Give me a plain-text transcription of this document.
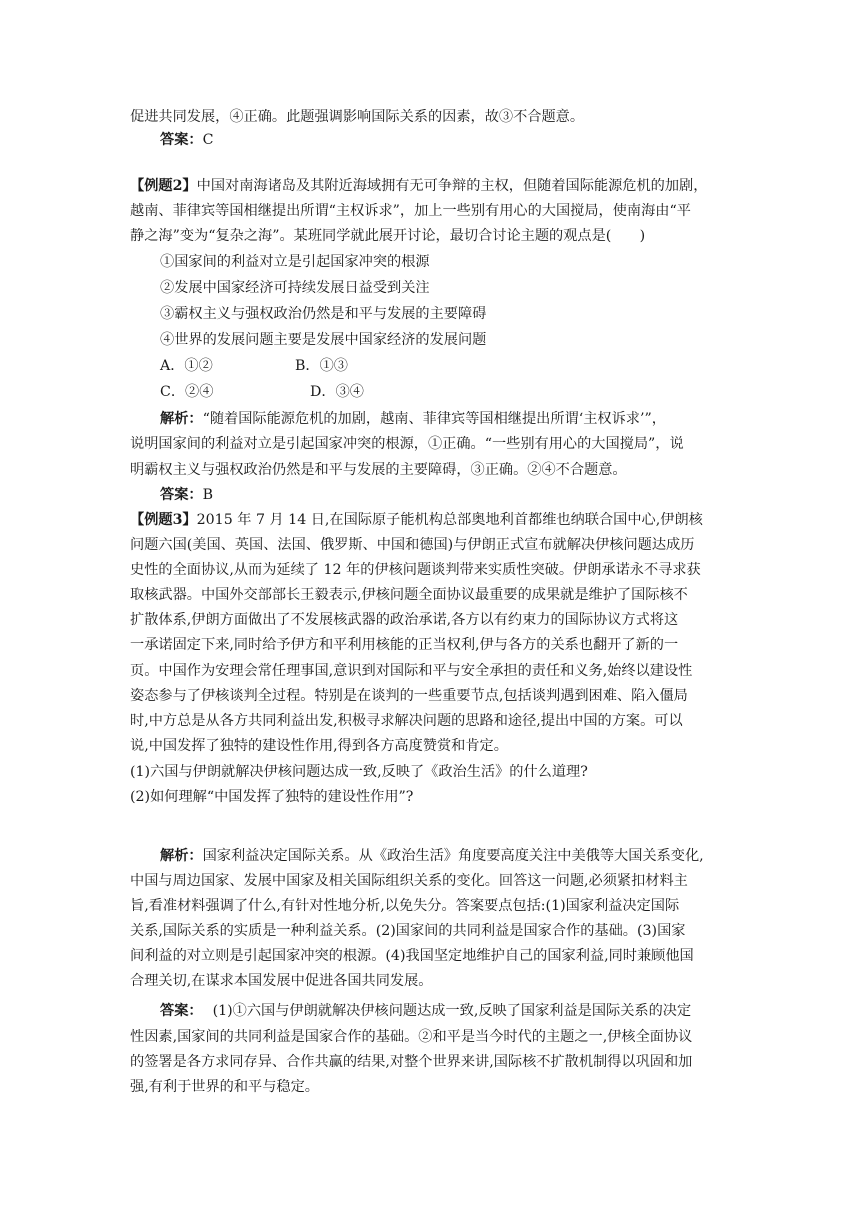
促进共同发展，④正确。此题强调影响国际关系的因素，故③不合题意。

答案：C

【例题2】中国对南海诸岛及其附近海域拥有无可争辩的主权，但随着国际能源危机的加剧，

越南、菲律宾等国相继提出所谓“主权诉求”，加上一些别有用心的大国搅局，使南海由“平

静之海”变为“复杂之海”。某班同学就此展开讨论，最切合讨论主题的观点是(　　)

①国家间的利益对立是引起国家冲突的根源

②发展中国家经济可持续发展日益受到关注

③霸权主义与强权政治仍然是和平与发展的主要障碍

④世界的发展问题主要是发展中国家经济的发展问题

A．①②	B．①③

C．②④	D．③④

解析：“随着国际能源危机的加剧，越南、菲律宾等国相继提出所谓‘主权诉求’”，

说明国家间的利益对立是引起国家冲突的根源，①正确。“一些别有用心的大国搅局”，说

明霸权主义与强权政治仍然是和平与发展的主要障碍，③正确。②④不合题意。

答案：B

【例题3】2015 年 7 月 14 日,在国际原子能机构总部奥地利首都维也纳联合国中心,伊朗核

问题六国(美国、英国、法国、俄罗斯、中国和德国)与伊朗正式宣布就解决伊核问题达成历

史性的全面协议,从而为延续了 12 年的伊核问题谈判带来实质性突破。伊朗承诺永不寻求获

取核武器。中国外交部部长王毅表示,伊核问题全面协议最重要的成果就是维护了国际核不

扩散体系,伊朗方面做出了不发展核武器的政治承诺,各方以有约束力的国际协议方式将这

一承诺固定下来,同时给予伊方和平利用核能的正当权利,伊与各方的关系也翻开了新的一

页。中国作为安理会常任理事国,意识到对国际和平与安全承担的责任和义务,始终以建设性

姿态参与了伊核谈判全过程。特别是在谈判的一些重要节点,包括谈判遇到困难、陷入僵局

时,中方总是从各方共同利益出发,积极寻求解决问题的思路和途径,提出中国的方案。可以

说,中国发挥了独特的建设性作用,得到各方高度赞赏和肯定。

(1)六国与伊朗就解决伊核问题达成一致,反映了《政治生活》的什么道理?

(2)如何理解“中国发挥了独特的建设性作用”?

解析：国家利益决定国际关系。从《政治生活》角度要高度关注中美俄等大国关系变化,

中国与周边国家、发展中国家及相关国际组织关系的变化。回答这一问题,必须紧扣材料主

旨,看准材料强调了什么,有针对性地分析,以免失分。答案要点包括:(1)国家利益决定国际

关系,国际关系的实质是一种利益关系。(2)国家间的共同利益是国家合作的基础。(3)国家

间利益的对立则是引起国家冲突的根源。(4)我国坚定地维护自己的国家利益,同时兼顾他国

合理关切,在谋求本国发展中促进各国共同发展。

答案： (1)①六国与伊朗就解决伊核问题达成一致,反映了国家利益是国际关系的决定

性因素,国家间的共同利益是国家合作的基础。②和平是当今时代的主题之一,伊核全面协议

的签署是各方求同存异、合作共赢的结果,对整个世界来讲,国际核不扩散机制得以巩固和加

强,有利于世界的和平与稳定。
